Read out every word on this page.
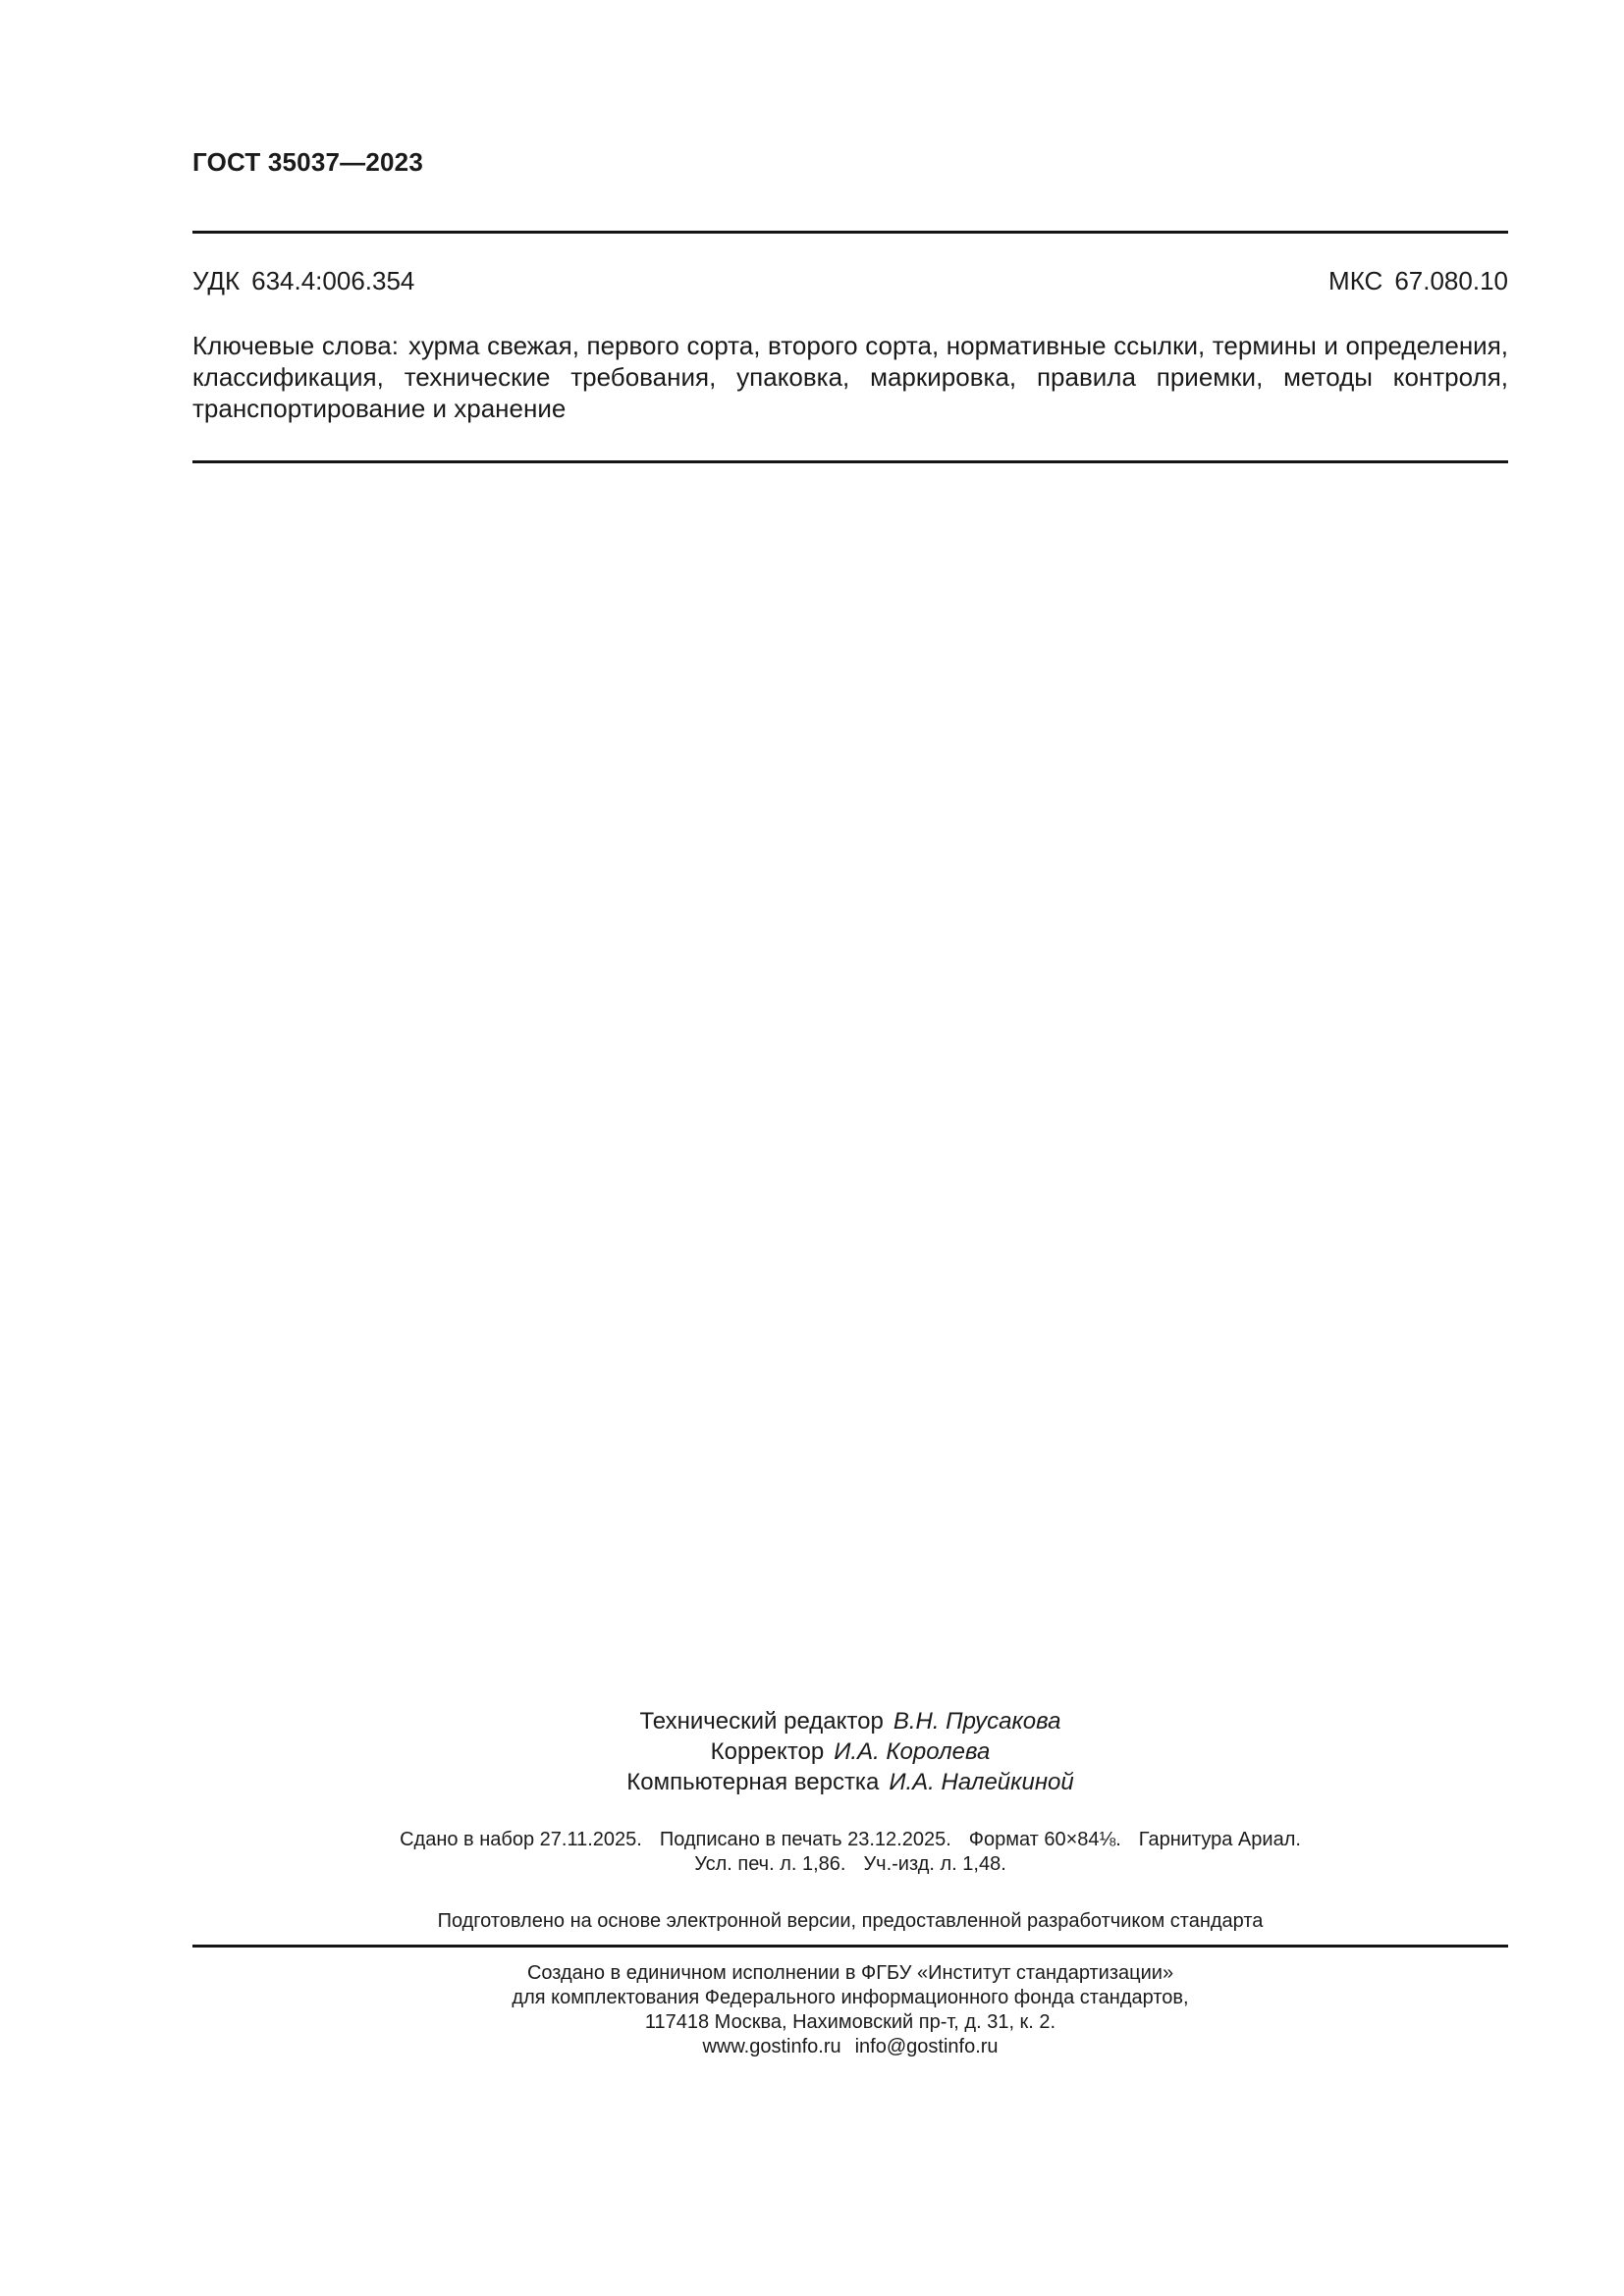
ГОСТ 35037—2023
УДК 634.4:006.354	МКС 67.080.10
Ключевые слова: хурма свежая, первого сорта, второго сорта, нормативные ссылки, термины и определения, классификация, технические требования, упаковка, маркировка, правила приемки, методы контроля, транспортирование и хранение
Технический редактор В.Н. Прусакова
Корректор И.А. Королева
Компьютерная верстка И.А. Налейкиной
Сдано в набор 27.11.2025. Подписано в печать 23.12.2025. Формат 60×84⅛. Гарнитура Ариал.
Усл. печ. л. 1,86. Уч.-изд. л. 1,48.
Подготовлено на основе электронной версии, предоставленной разработчиком стандарта
Создано в единичном исполнении в ФГБУ «Институт стандартизации»
для комплектования Федерального информационного фонда стандартов,
117418 Москва, Нахимовский пр-т, д. 31, к. 2.
www.gostinfo.ru info@gostinfo.ru
